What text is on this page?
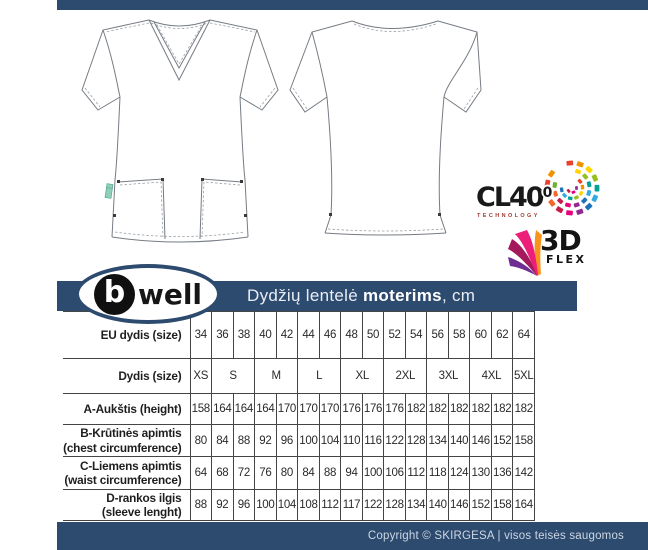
$CL40^0$
TECHNOLOGY
3D
FLEX
Dydžių lentelė moterims, cm
b well
EU dydis (size)	34	36	38	40	42	44	46	48	50	52	54	56	58	60	62	64

Dydis (size)	XS	S		M		L		XL		2XL		3XL		4XL		5XL

A-Aukštis (height)	158	164	164	164	170	170	170	176	176	176	182	182	182	182	182	182

B-Krūtinės apimtis
(chest circumference)	80	84	88	92	96	100	104	110	116	122	128	134	140	146	152	158

C-Liemens apimtis
(waist circumference)	64	68	72	76	80	84	88	94	100	106	112	118	124	130	136	142

D-rankos ilgis
(sleeve lenght)	88	92	96	100	104	108	112	117	122	128	134	140	146	152	158	164
Copyright © SKIRGESA | visos teisės saugomos
